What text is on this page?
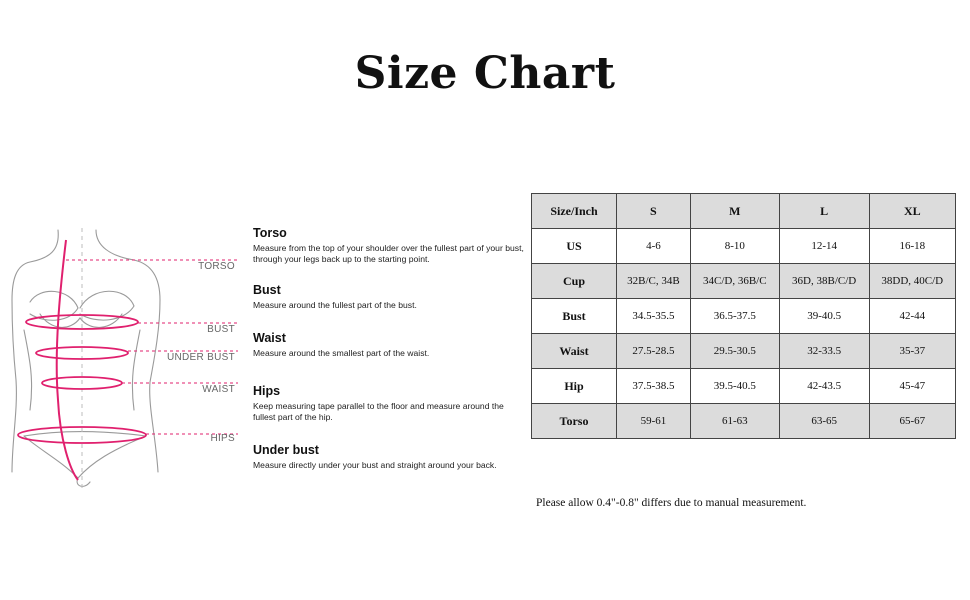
Size Chart
TORSO
BUST
UNDER BUST
WAIST
HIPS

Torso

Measure from the top of your shoulder over the fullest part of your bust, through your legs back up to the starting point.

Bust

Measure around the fullest part of the bust.

Waist

Measure around the smallest part of the waist.

Hips

Keep measuring tape parallel to the floor and measure around the fullest part of the hip.

Under bust

Measure directly under your bust and straight around your back.

Size/Inch	S	M	L	XL
US	4-6	8-10	12-14	16-18
Cup	32B/C, 34B	34C/D, 36B/C	36D, 38B/C/D	38DD, 40C/D
Bust	34.5-35.5	36.5-37.5	39-40.5	42-44
Waist	27.5-28.5	29.5-30.5	32-33.5	35-37
Hip	37.5-38.5	39.5-40.5	42-43.5	45-47
Torso	59-61	61-63	63-65	65-67
Please allow 0.4"-0.8" differs due to manual measurement.
